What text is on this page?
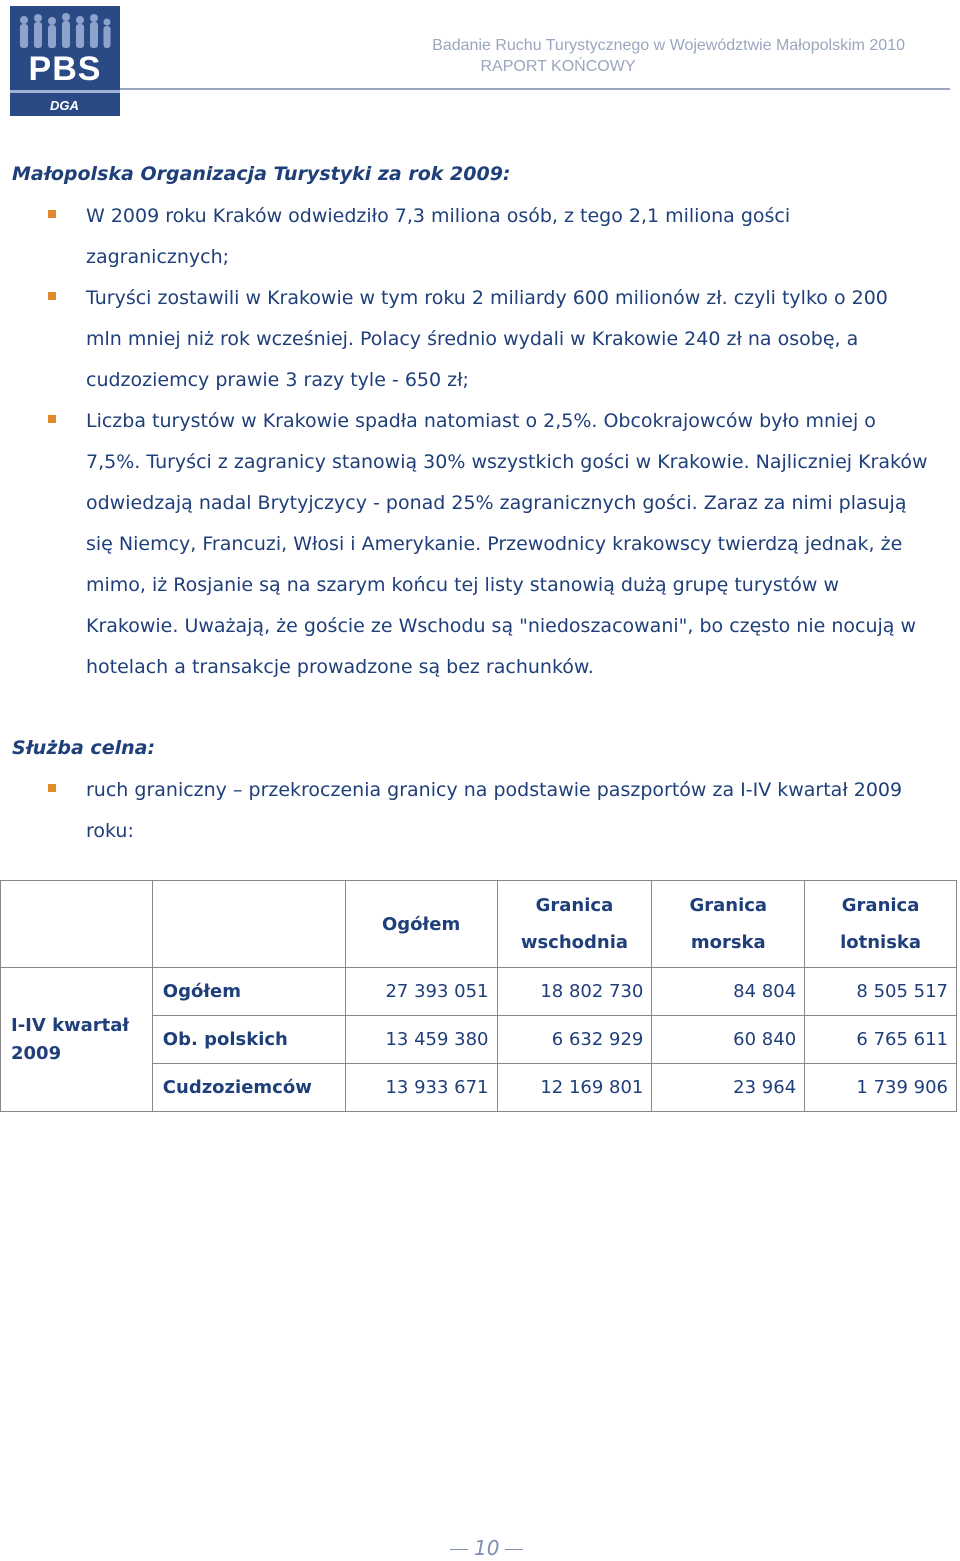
PBS
DGA
Badanie Ruchu Turystycznego w Województwie Małopolskim 2010
RAPORT KOŃCOWY
Małopolska Organizacja Turystyki za rok 2009:
W 2009 roku Kraków odwiedziło 7,3 miliona osób, z tego 2,1 miliona gości zagranicznych;
Turyści zostawili w Krakowie w tym roku 2 miliardy 600 milionów zł. czyli tylko o 200 mln mniej niż rok wcześniej. Polacy średnio wydali w Krakowie 240 zł na osobę, a cudzoziemcy prawie 3 razy tyle - 650 zł;
Liczba turystów w Krakowie spadła natomiast o 2,5%. Obcokrajowców było mniej o 7,5%. Turyści z zagranicy stanowią 30% wszystkich gości w Krakowie. Najliczniej Kraków odwiedzają nadal Brytyjczycy - ponad 25% zagranicznych gości. Zaraz za nimi plasują się Niemcy, Francuzi, Włosi i Amerykanie. Przewodnicy krakowscy twierdzą jednak, że mimo, iż Rosjanie są na szarym końcu tej listy stanowią dużą grupę turystów w Krakowie. Uważają, że goście ze Wschodu są "niedoszacowani", bo często nie nocują w hotelach a transakcje prowadzone są bez rachunków.
Służba celna:
ruch graniczny – przekroczenia granicy na podstawie paszportów za I-IV kwartał 2009 roku:
		Ogółem	Granica wschodnia	Granica morska	Granica lotniska
I-IV kwartał 2009	Ogółem	27 393 051	18 802 730	84 804	8 505 517
	Ob. polskich	13 459 380	6 632 929	60 840	6 765 611
	Cudzoziemców	13 933 671	12 169 801	23 964	1 739 906
10
